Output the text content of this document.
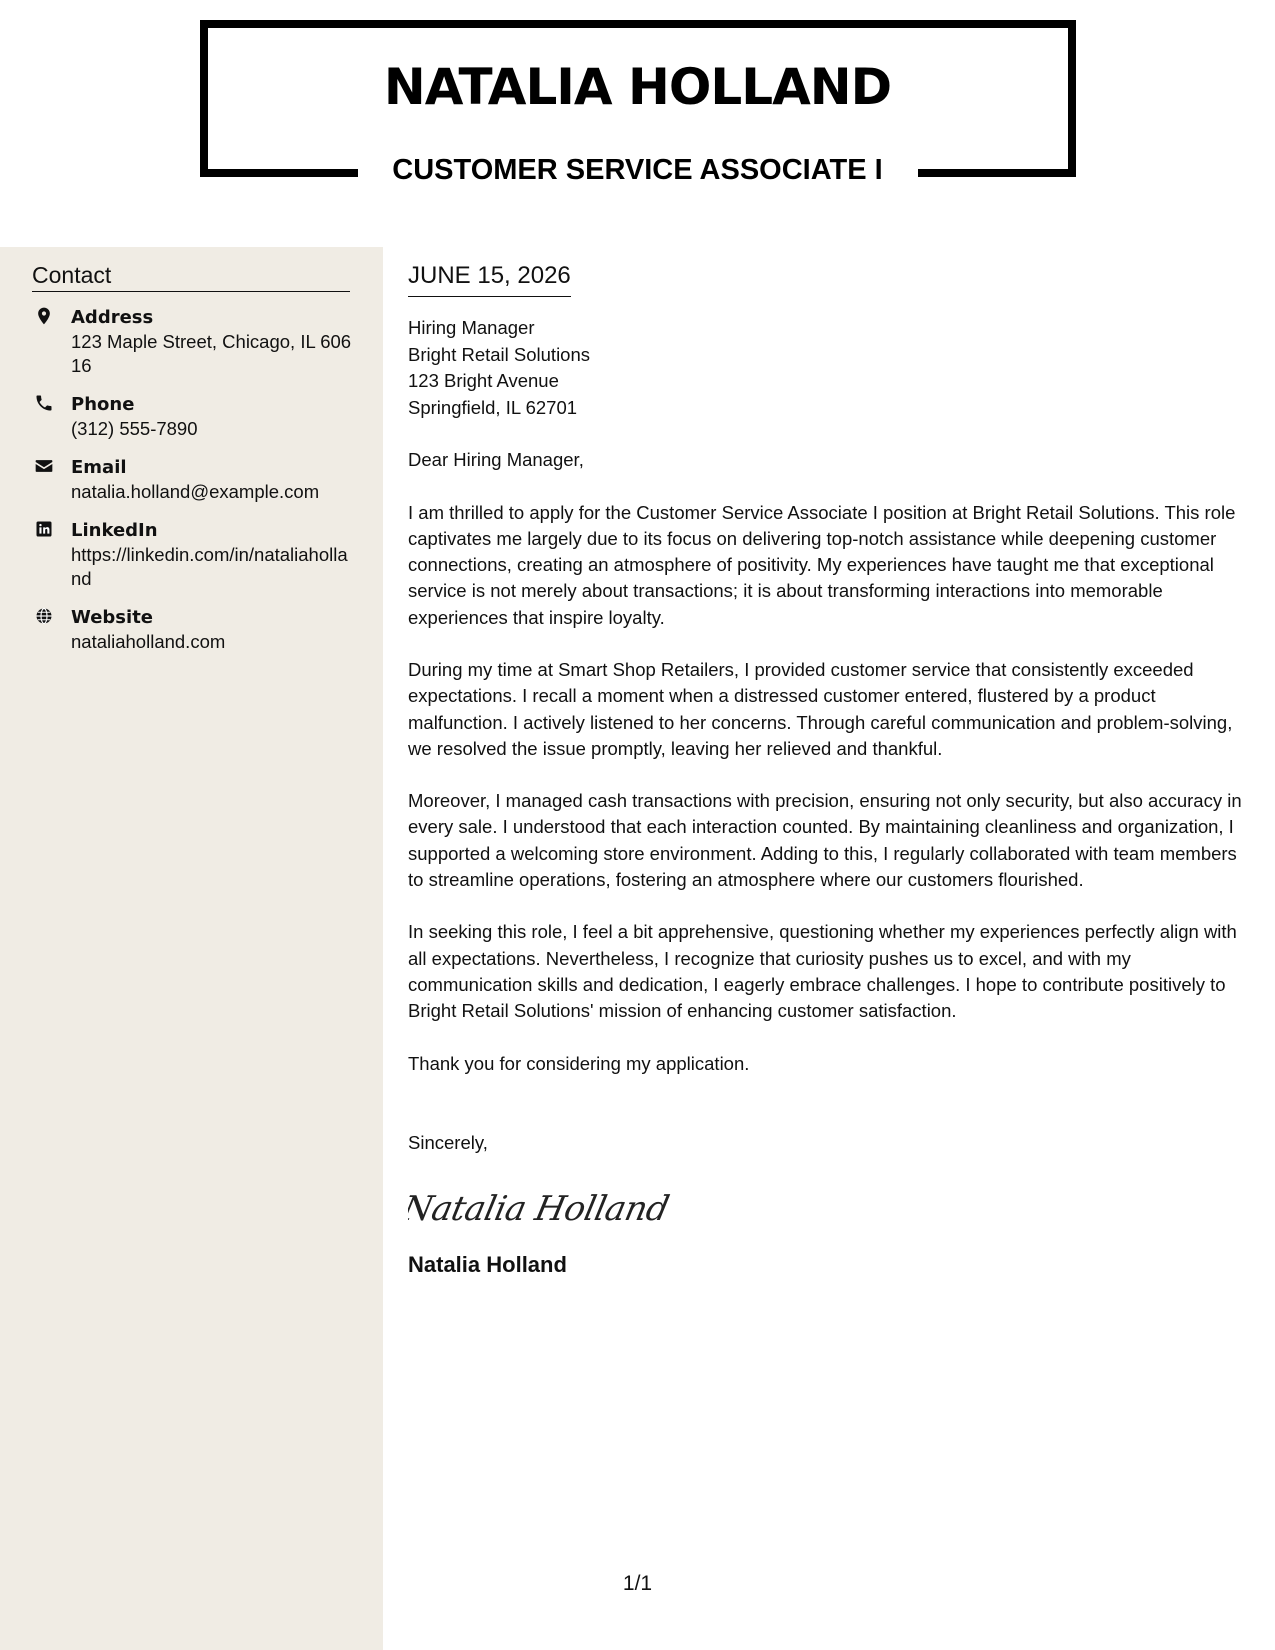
NATALIA HOLLAND
CUSTOMER SERVICE ASSOCIATE I
Contact
Address
123 Maple Street, Chicago, IL 60616
Phone
(312) 555-7890
Email
natalia.holland@example.com
LinkedIn
https://linkedin.com/in/nataliaholland
Website
nataliaholland.com
JUNE 15, 2026
Hiring Manager
Bright Retail Solutions
123 Bright Avenue
Springfield, IL 62701
Dear Hiring Manager,
I am thrilled to apply for the Customer Service Associate I position at Bright Retail Solutions. This role captivates me largely due to its focus on delivering top-notch assistance while deepening customer connections, creating an atmosphere of positivity. My experiences have taught me that exceptional service is not merely about transactions; it is about transforming interactions into memorable experiences that inspire loyalty.
During my time at Smart Shop Retailers, I provided customer service that consistently exceeded expectations. I recall a moment when a distressed customer entered, flustered by a product malfunction. I actively listened to her concerns. Through careful communication and problem-solving, we resolved the issue promptly, leaving her relieved and thankful.
Moreover, I managed cash transactions with precision, ensuring not only security, but also accuracy in every sale. I understood that each interaction counted. By maintaining cleanliness and organization, I supported a welcoming store environment. Adding to this, I regularly collaborated with team members to streamline operations, fostering an atmosphere where our customers flourished.
In seeking this role, I feel a bit apprehensive, questioning whether my experiences perfectly align with all expectations. Nevertheless, I recognize that curiosity pushes us to excel, and with my communication skills and dedication, I eagerly embrace challenges. I hope to contribute positively to Bright Retail Solutions' mission of enhancing customer satisfaction.
Thank you for considering my application.
Sincerely,
Natalia Holland
Natalia Holland
1/1
